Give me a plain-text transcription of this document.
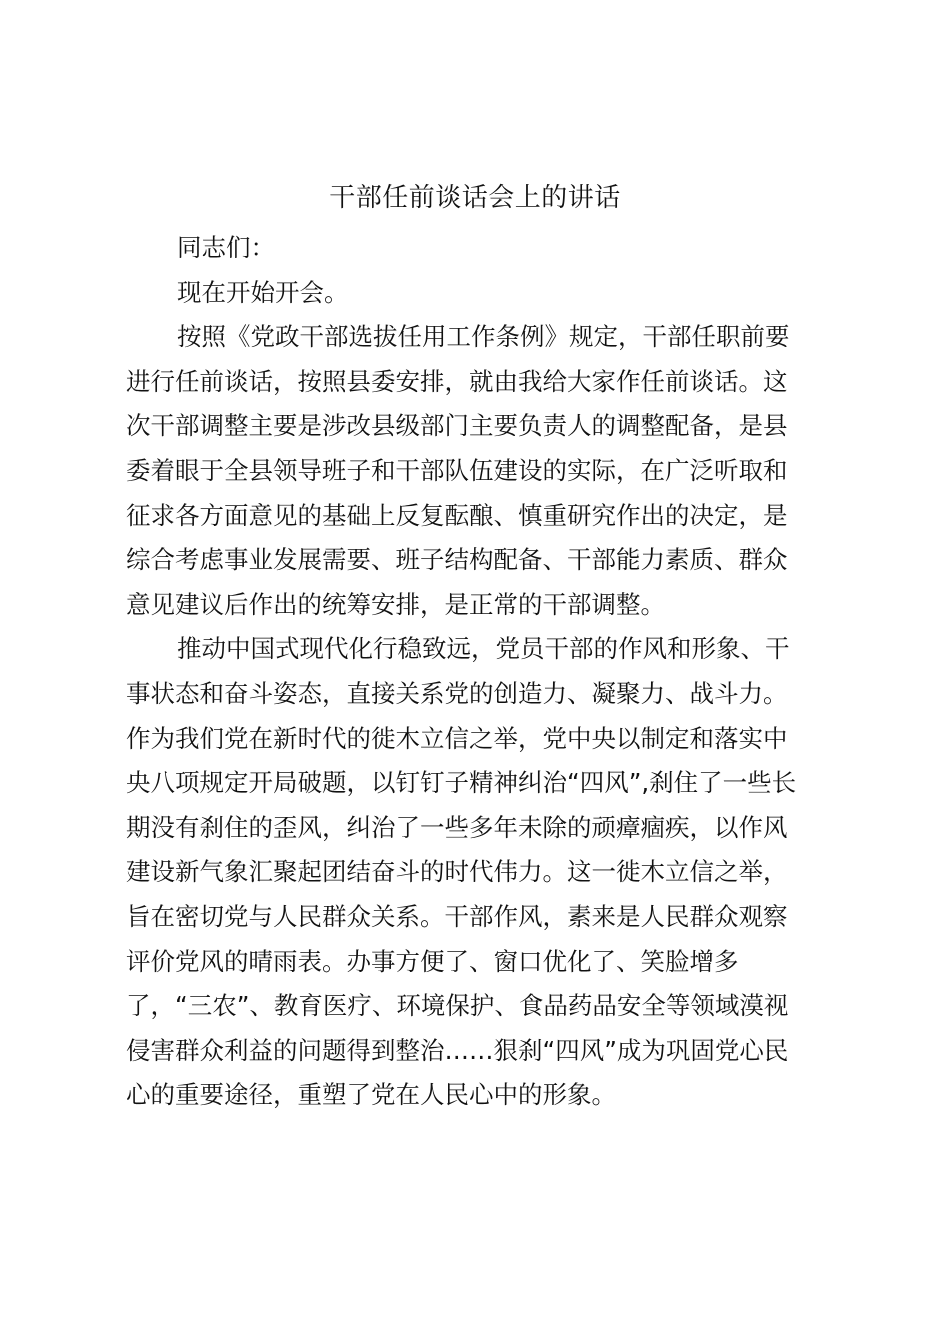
干部任前谈话会上的讲话

同志们：

现在开始开会。

按照《党政干部选拔任用工作条例》规定，干部任职前要

进行任前谈话，按照县委安排，就由我给大家作任前谈话。这

次干部调整主要是涉改县级部门主要负责人的调整配备，是县

委着眼于全县领导班子和干部队伍建设的实际，在广泛听取和

征求各方面意见的基础上反复酝酿、慎重研究作出的决定，是

综合考虑事业发展需要、班子结构配备、干部能力素质、群众

意见建议后作出的统筹安排，是正常的干部调整。

推动中国式现代化行稳致远，党员干部的作风和形象、干

事状态和奋斗姿态，直接关系党的创造力、凝聚力、战斗力。

作为我们党在新时代的徙木立信之举，党中央以制定和落实中

央八项规定开局破题，以钉钉子精神纠治“四风”,刹住了一些长

期没有刹住的歪风，纠治了一些多年未除的顽瘴痼疾，以作风

建设新气象汇聚起团结奋斗的时代伟力。这一徙木立信之举，

旨在密切党与人民群众关系。干部作风，素来是人民群众观察

评价党风的晴雨表。办事方便了、窗口优化了、笑脸增多

了，“三农”、教育医疗、环境保护、食品药品安全等领域漠视

侵害群众利益的问题得到整治……狠刹“四风”成为巩固党心民

心的重要途径，重塑了党在人民心中的形象。
